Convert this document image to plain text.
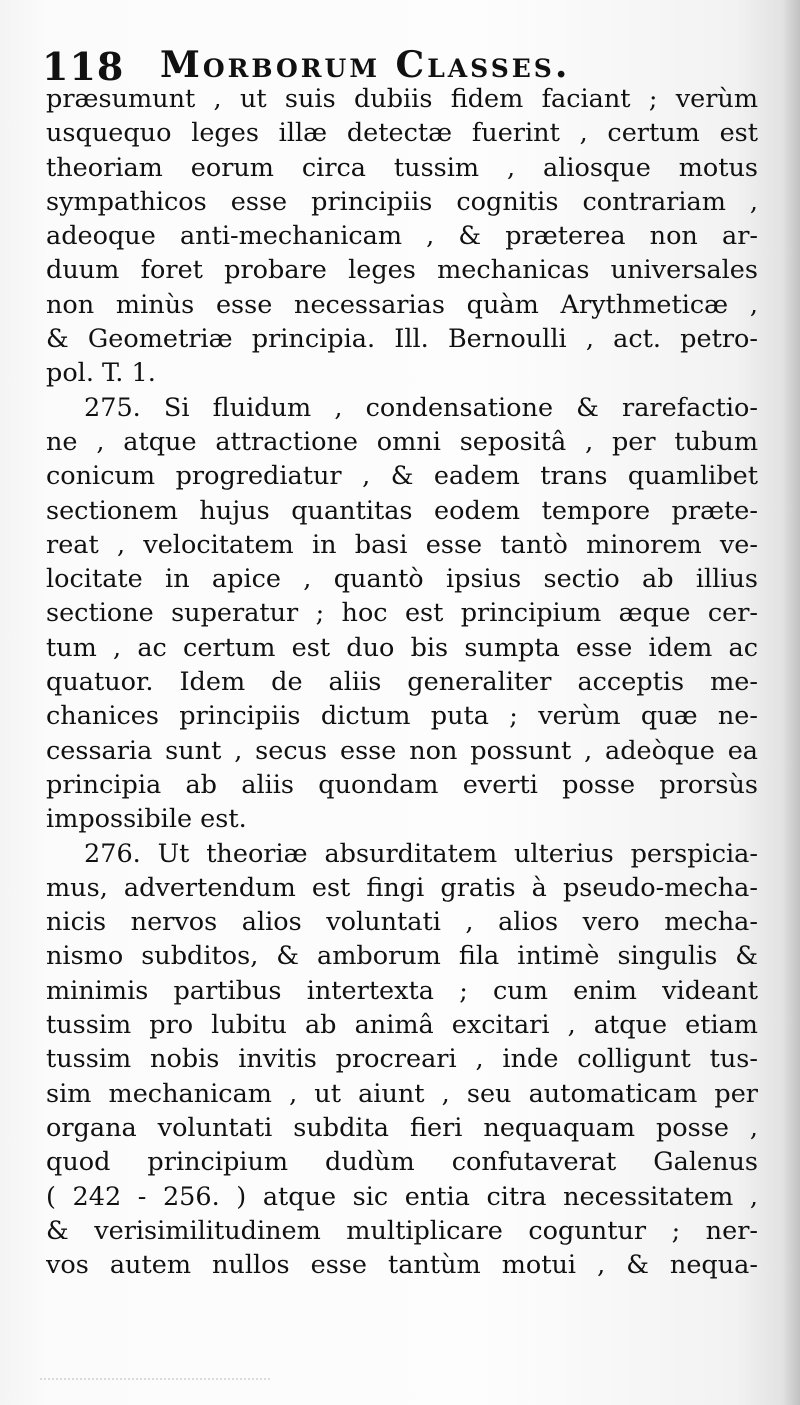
118 Morborum Classes.
præsumunt , ut suis dubiis fidem faciant ; verùm
usquequo leges illæ detectæ fuerint , certum est
theoriam eorum circa tussim , aliosque motus
sympathicos esse principiis cognitis contrariam ,
adeoque anti-mechanicam , & præterea non ar-
duum foret probare leges mechanicas universales
non minùs esse necessarias quàm Arythmeticæ ,
& Geometriæ principia. Ill. Bernoulli , act. petro-
pol. T. 1.
275. Si fluidum , condensatione & rarefactio-
ne , atque attractione omni sepositâ , per tubum
conicum progrediatur , & eadem trans quamlibet
sectionem hujus quantitas eodem tempore præte-
reat , velocitatem in basi esse tantò minorem ve-
locitate in apice , quantò ipsius sectio ab illius
sectione superatur ; hoc est principium æque cer-
tum , ac certum est duo bis sumpta esse idem ac
quatuor. Idem de aliis generaliter acceptis me-
chanices principiis dictum puta ; verùm quæ ne-
cessaria sunt , secus esse non possunt , adeòque ea
principia ab aliis quondam everti posse prorsùs
impossibile est.
276. Ut theoriæ absurditatem ulterius perspicia-
mus, advertendum est fingi gratis à pseudo-mecha-
nicis nervos alios voluntati , alios vero mecha-
nismo subditos, & amborum fila intimè singulis &
minimis partibus intertexta ; cum enim videant
tussim pro lubitu ab animâ excitari , atque etiam
tussim nobis invitis procreari , inde colligunt tus-
sim mechanicam , ut aiunt , seu automaticam per
organa voluntati subdita fieri nequaquam posse ,
quod principium dudùm confutaverat Galenus
( 242 - 256. ) atque sic entia citra necessitatem ,
& verisimilitudinem multiplicare coguntur ; ner-
vos autem nullos esse tantùm motui , & nequa-
